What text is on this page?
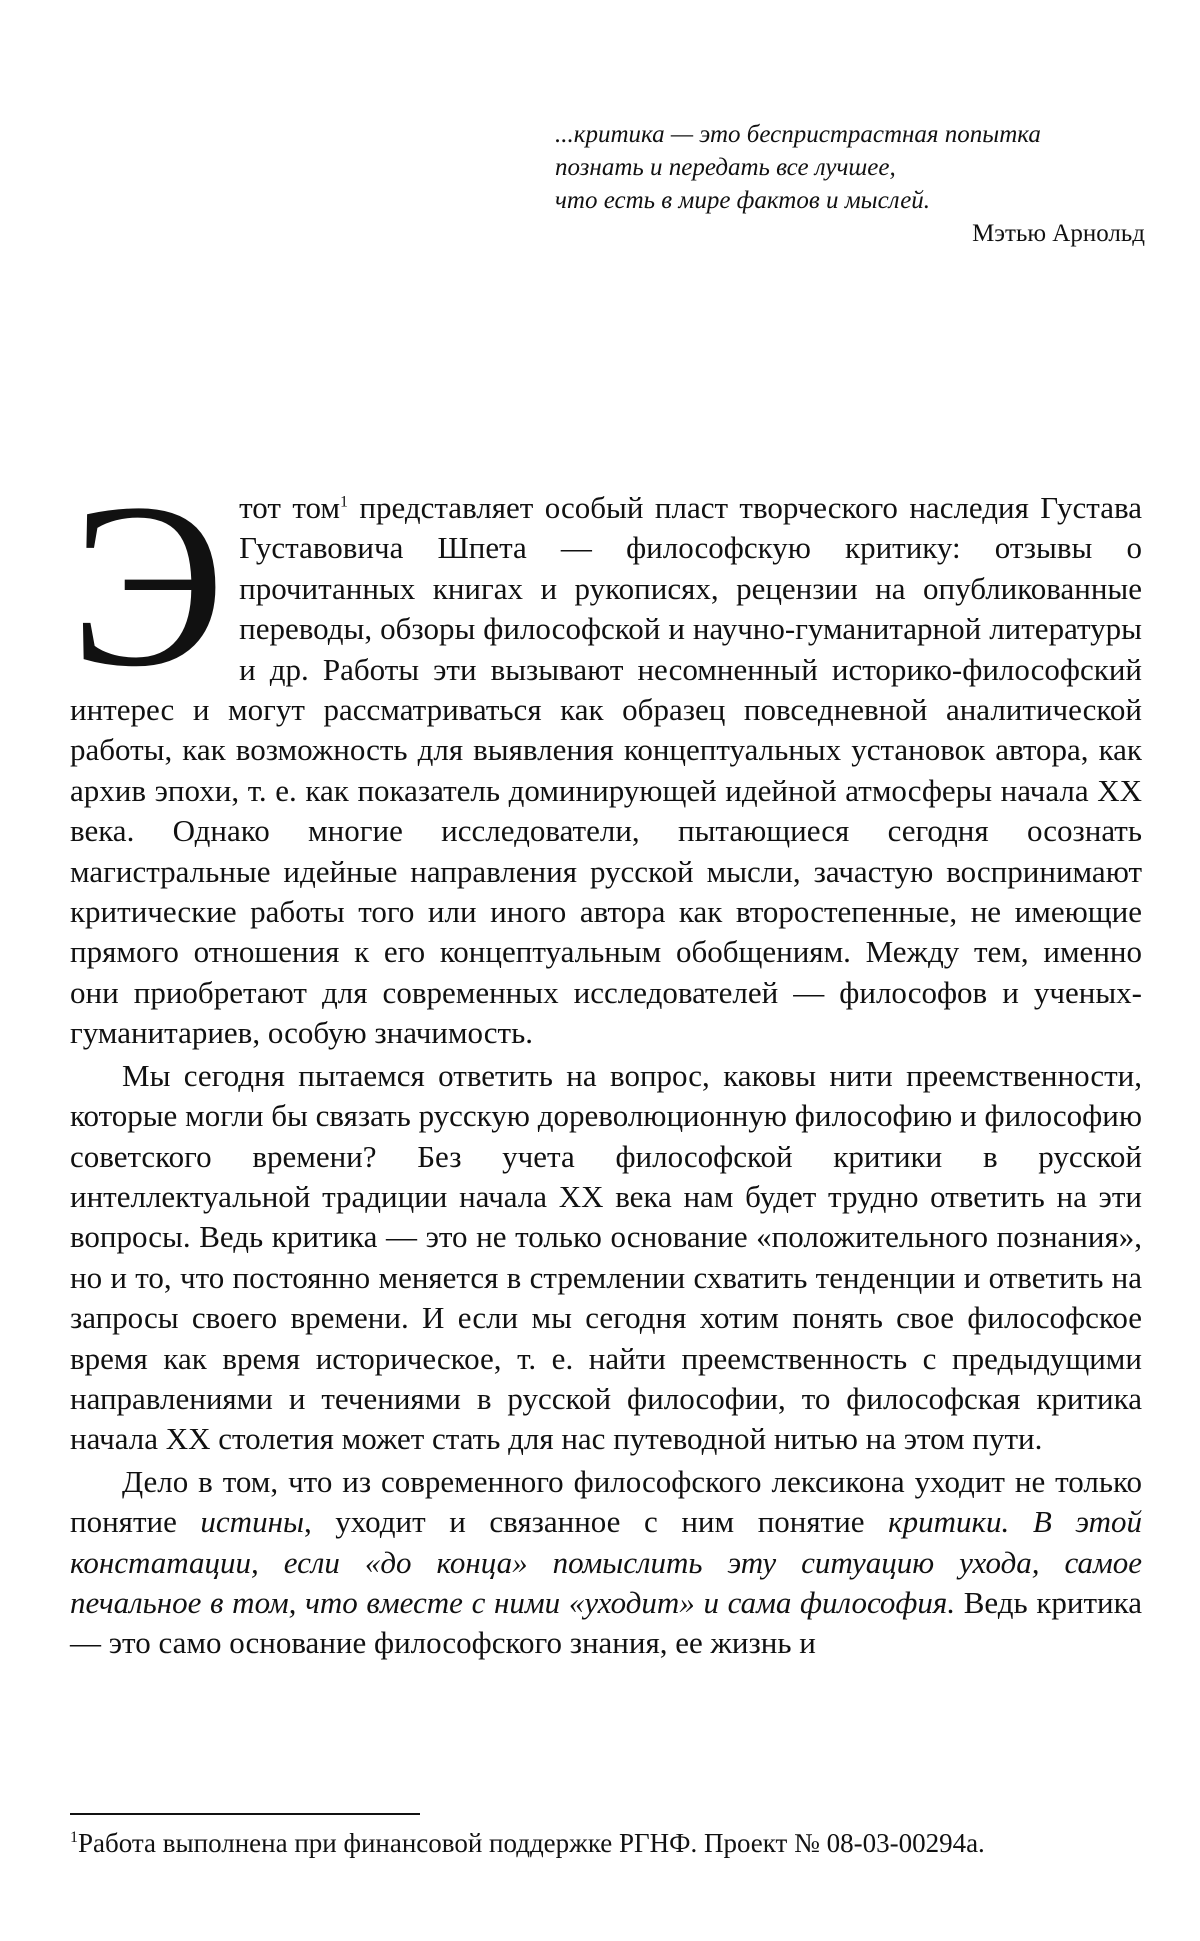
...критика — это беспристрастная попытка
познать и передать все лучшее,
что есть в мире фактов и мыслей.
Мэтью Арнольд

Этот том$^1$ представляет особый пласт творческого наследия Густава Густавовича Шпета — философскую критику: отзывы о прочитанных книгах и рукописях, рецензии на опубликованные переводы, обзоры философской и научно-гуманитарной литературы и др. Работы эти вызывают несомненный историко-философский интерес и могут рассматриваться как образец повседневной аналитической работы, как возможность для выявления концептуальных установок автора, как архив эпохи, т. е. как показатель доминирующей идейной атмосферы начала XX века. Однако многие исследователи, пытающиеся сегодня осознать магистральные идейные направления русской мысли, зачастую воспринимают критические работы того или иного автора как второстепенные, не имеющие прямого отношения к его концептуальным обобщениям. Между тем, именно они приобретают для современных исследователей — философов и ученых-гуманитариев, особую значимость.

Мы сегодня пытаемся ответить на вопрос, каковы нити преемственности, которые могли бы связать русскую дореволюционную философию и философию советского времени? Без учета философской критики в русской интеллектуальной традиции начала XX века нам будет трудно ответить на эти вопросы. Ведь критика — это не только основание «положительного познания», но и то, что постоянно меняется в стремлении схватить тенденции и ответить на запросы своего времени. И если мы сегодня хотим понять свое философское время как время историческое, т. е. найти преемственность с предыдущими направлениями и течениями в русской философии, то философская критика начала XX столетия может стать для нас путеводной нитью на этом пути.

Дело в том, что из современного философского лексикона уходит не только понятие истины, уходит и связанное с ним понятие критики. В этой констатации, если «до конца» помыслить эту ситуацию ухода, самое печальное в том, что вместе с ними «уходит» и сама философия. Ведь критика — это само основание философского знания, ее жизнь и

$^1$Работа выполнена при финансовой поддержке РГНФ. Проект № 08-03-00294а.
